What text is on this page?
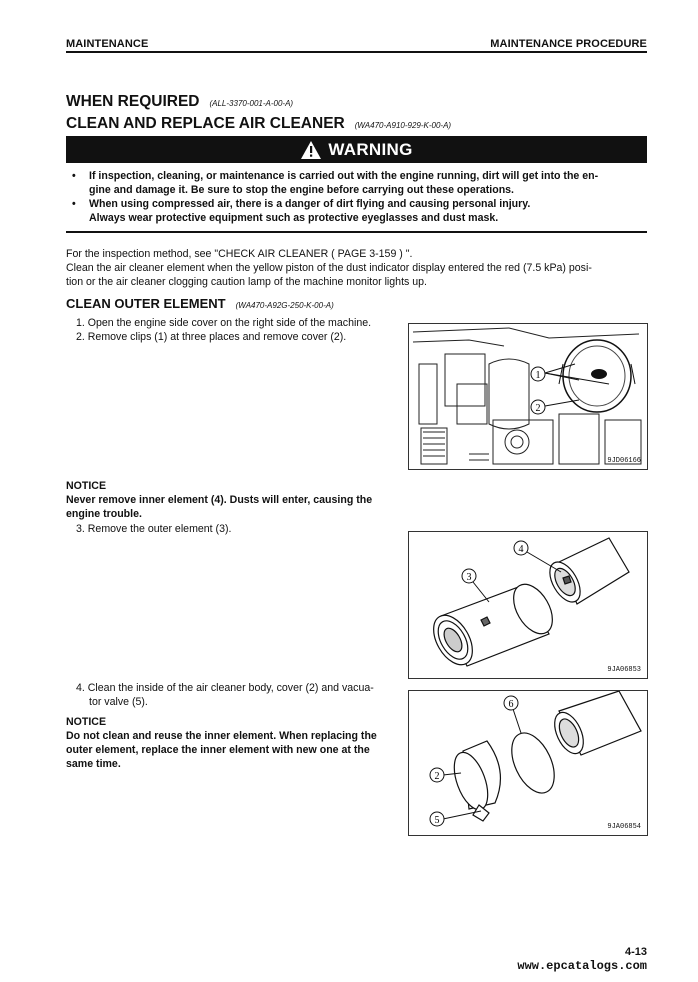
MAINTENANCE	MAINTENANCE PROCEDURE
WHEN REQUIRED (ALL-3370-001-A-00-A)
CLEAN AND REPLACE AIR CLEANER (WA470-A910-929-K-00-A)
WARNING
• If inspection, cleaning, or maintenance is carried out with the engine running, dirt will get into the en-
gine and damage it. Be sure to stop the engine before carrying out these operations.
• When using compressed air, there is a danger of dirt flying and causing personal injury.
Always wear protective equipment such as protective eyeglasses and dust mask.
For the inspection method, see "CHECK AIR CLEANER ( PAGE 3-159 ) ".
Clean the air cleaner element when the yellow piston of the dust indicator display entered the red (7.5 kPa) posi-
tion or the air cleaner clogging caution lamp of the machine monitor lights up.
CLEAN OUTER ELEMENT (WA470-A92G-250-K-00-A)
1. Open the engine side cover on the right side of the machine.
2. Remove clips (1) at three places and remove cover (2).
1
2
9JD06166
NOTICE
Never remove inner element (4). Dusts will enter, causing the
engine trouble.
3. Remove the outer element (3).
4
3
9JA06853
4. Clean the inside of the air cleaner body, cover (2) and vacua-
tor valve (5).
NOTICE
Do not clean and reuse the inner element. When replacing the
outer element, replace the inner element with new one at the
same time.
6
2
5
9JA06854
4-13
www.epcatalogs.com
